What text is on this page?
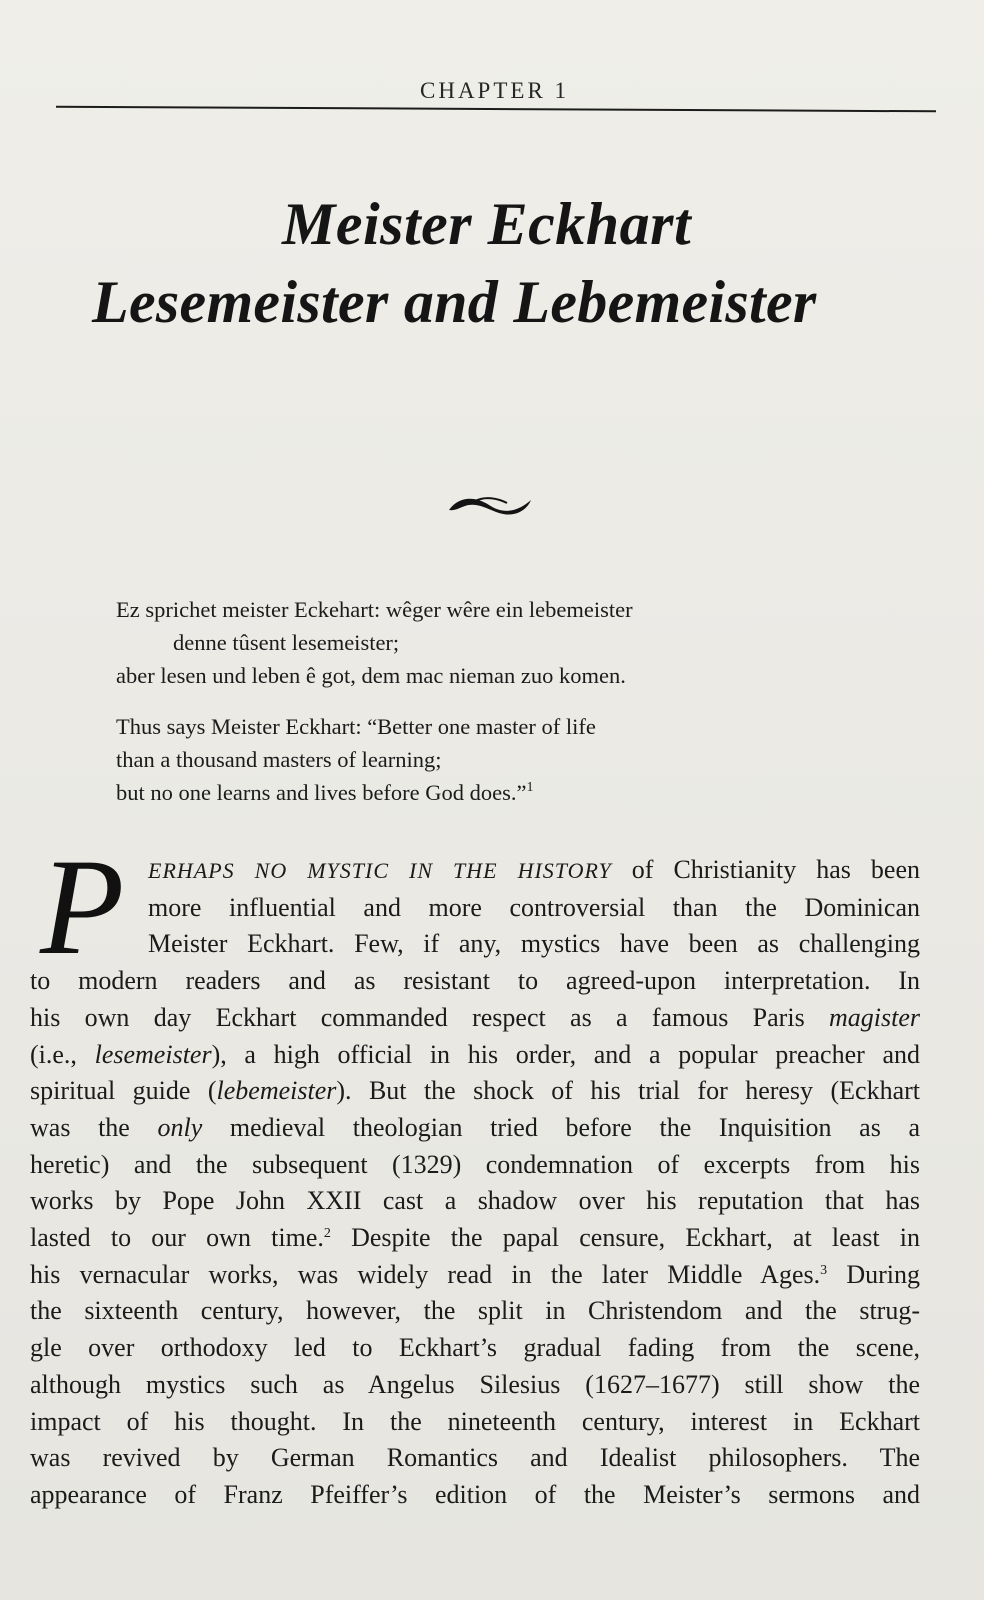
CHAPTER 1
Meister Eckhart
Lesemeister and Lebemeister

Ez sprichet meister Eckehart: wêger wêre ein lebemeister
denne tûsent lesemeister;
aber lesen und leben ê got, dem mac nieman zuo komen.

Thus says Meister Eckhart: “Better one master of life
than a thousand masters of learning;
but no one learns and lives before God does.”$^1$

P	ERHAPS NO MYSTIC IN THE HISTORY of Christianity has been
more influential and more controversial than the Dominican
Meister Eckhart. Few, if any, mystics have been as challenging
to modern readers and as resistant to agreed-upon interpretation. In
his own day Eckhart commanded respect as a famous Paris magister
(i.e., lesemeister), a high official in his order, and a popular preacher and
spiritual guide (lebemeister). But the shock of his trial for heresy (Eckhart
was the only medieval theologian tried before the Inquisition as a
heretic) and the subsequent (1329) condemnation of excerpts from his
works by Pope John XXII cast a shadow over his reputation that has
lasted to our own time.$^2$ Despite the papal censure, Eckhart, at least in
his vernacular works, was widely read in the later Middle Ages.$^3$ During
the sixteenth century, however, the split in Christendom and the strug-
gle over orthodoxy led to Eckhart’s gradual fading from the scene,
although mystics such as Angelus Silesius (1627–1677) still show the
impact of his thought. In the nineteenth century, interest in Eckhart
was revived by German Romantics and Idealist philosophers. The
appearance of Franz Pfeiffer’s edition of the Meister’s sermons and
